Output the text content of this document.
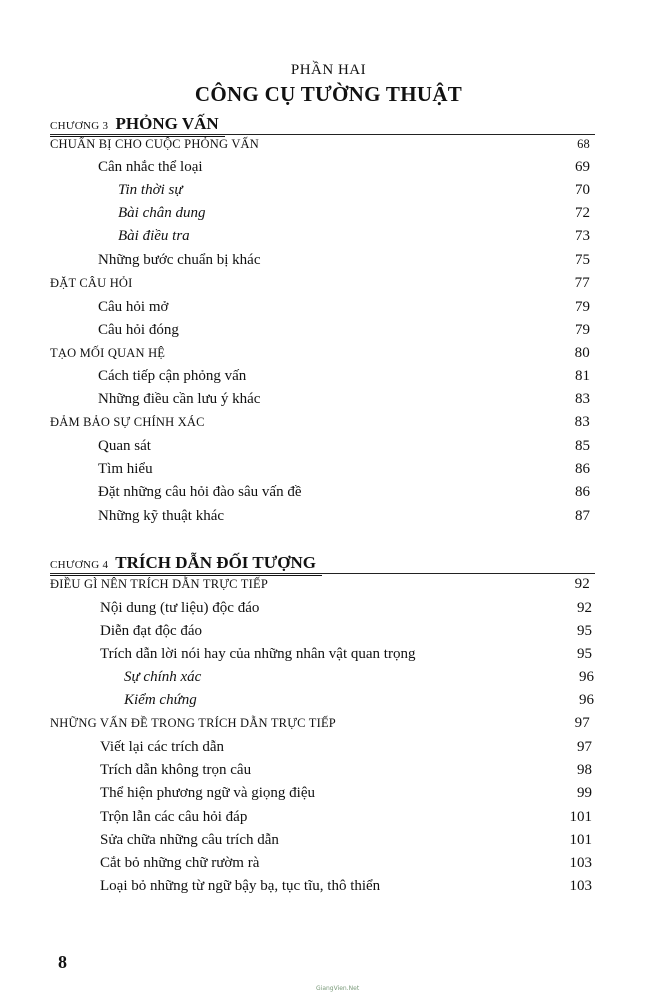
PHẦN HAI
CÔNG CỤ TƯỜNG THUẬT
CHƯƠNG 3 PHỎNG VẤN
CHUẨN BỊ CHO CUỘC PHỎNG VẤN	68
Cân nhắc thể loại	69
Tin thời sự	70
Bài chân dung	72
Bài điều tra	73
Những bước chuẩn bị khác	75
ĐẶT CÂU HỎI	77
Câu hỏi mở	79
Câu hỏi đóng	79
TẠO MỐI QUAN HỆ	80
Cách tiếp cận phỏng vấn	81
Những điều cần lưu ý khác	83
ĐẢM BẢO SỰ CHÍNH XÁC	83
Quan sát	85
Tìm hiểu	86
Đặt những câu hỏi đào sâu vấn đề	86
Những kỹ thuật khác	87
CHƯƠNG 4 TRÍCH DẪN ĐỐI TƯỢNG
ĐIỀU GÌ NÊN TRÍCH DẪN TRỰC TIẾP	92
Nội dung (tư liệu) độc đáo	92
Diễn đạt độc đáo	95
Trích dẫn lời nói hay của những nhân vật quan trọng	95
Sự chính xác	96
Kiểm chứng	96
NHỮNG VẤN ĐỀ TRONG TRÍCH DẪN TRỰC TIẾP	97
Viết lại các trích dẫn	97
Trích dẫn không trọn câu	98
Thể hiện phương ngữ và giọng điệu	99
Trộn lẫn các câu hỏi đáp	101
Sửa chữa những câu trích dẫn	101
Cắt bỏ những chữ rườm rà	103
Loại bỏ những từ ngữ bậy bạ, tục tĩu, thô thiển	103
8
GiangVien.Net
